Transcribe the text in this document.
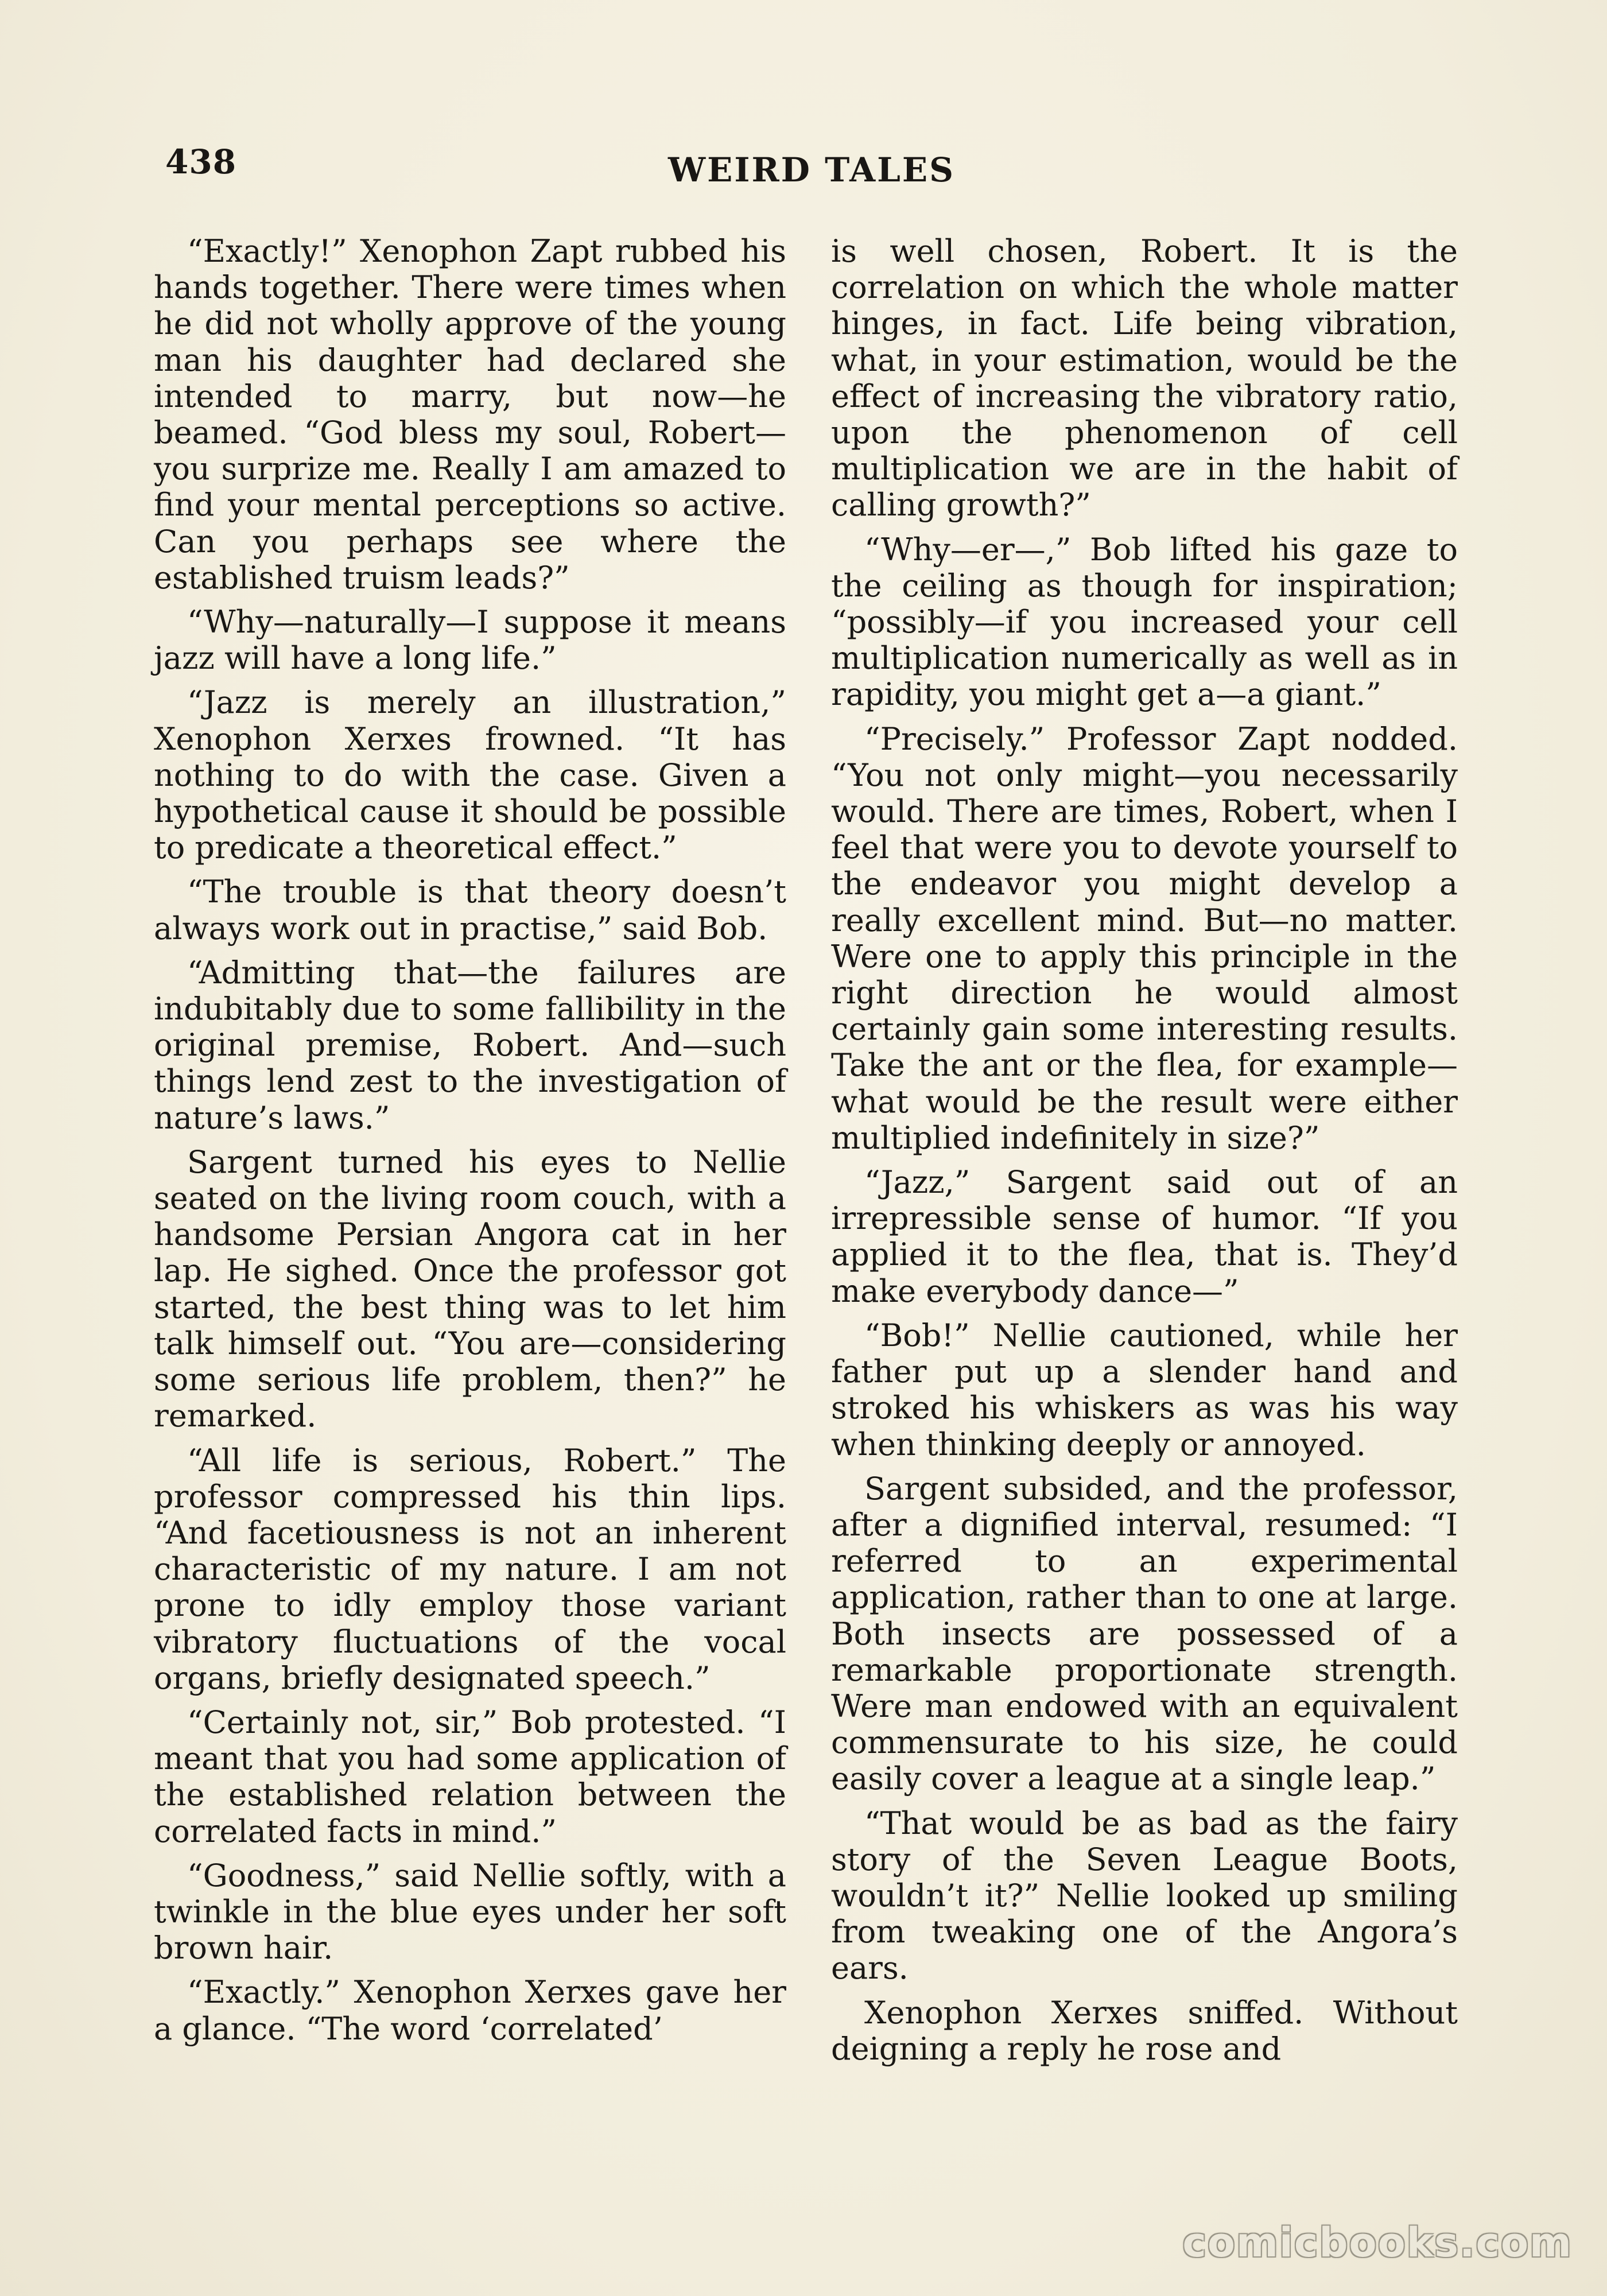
438	WEIRD TALES

“Exactly!” Xenophon Zapt rubbed his hands together. There were times when he did not wholly approve of the young man his daughter had declared she intended to marry, but now—he beamed. “God bless my soul, Robert—you surprize me. Really I am amazed to find your mental perceptions so active. Can you perhaps see where the established truism leads?”

“Why—naturally—I suppose it means jazz will have a long life.”

“Jazz is merely an illustration,” Xenophon Xerxes frowned. “It has nothing to do with the case. Given a hypothetical cause it should be possible to predicate a theoretical effect.”

“The trouble is that theory doesn’t always work out in practise,” said Bob.

“Admitting that—the failures are indubitably due to some fallibility in the original premise, Robert. And—such things lend zest to the investigation of nature’s laws.”

Sargent turned his eyes to Nellie seated on the living room couch, with a handsome Persian Angora cat in her lap. He sighed. Once the professor got started, the best thing was to let him talk himself out. “You are—considering some serious life problem, then?” he remarked.

“All life is serious, Robert.” The professor compressed his thin lips. “And facetiousness is not an inherent characteristic of my nature. I am not prone to idly employ those variant vibratory fluctuations of the vocal organs, briefly designated speech.”

“Certainly not, sir,” Bob protested. “I meant that you had some application of the established relation between the correlated facts in mind.”

“Goodness,” said Nellie softly, with a twinkle in the blue eyes under her soft brown hair.

“Exactly.” Xenophon Xerxes gave her a glance. “The word ‘correlated’

is well chosen, Robert. It is the correlation on which the whole matter hinges, in fact. Life being vibration, what, in your estimation, would be the effect of increasing the vibratory ratio, upon the phenomenon of cell multiplication we are in the habit of calling growth?”

“Why—er—,” Bob lifted his gaze to the ceiling as though for inspiration; “possibly—if you increased your cell multiplication numerically as well as in rapidity, you might get a—a giant.”

“Precisely.” Professor Zapt nodded. “You not only might—you necessarily would. There are times, Robert, when I feel that were you to devote yourself to the endeavor you might develop a really excellent mind. But—no matter. Were one to apply this principle in the right direction he would almost certainly gain some interesting results. Take the ant or the flea, for example—what would be the result were either multiplied indefinitely in size?”

“Jazz,” Sargent said out of an irrepressible sense of humor. “If you applied it to the flea, that is. They’d make everybody dance—”

“Bob!” Nellie cautioned, while her father put up a slender hand and stroked his whiskers as was his way when thinking deeply or annoyed.

Sargent subsided, and the professor, after a dignified interval, resumed: “I referred to an experimental application, rather than to one at large. Both insects are possessed of a remarkable proportionate strength. Were man endowed with an equivalent commensurate to his size, he could easily cover a league at a single leap.”

“That would be as bad as the fairy story of the Seven League Boots, wouldn’t it?” Nellie looked up smiling from tweaking one of the Angora’s ears.

Xenophon Xerxes sniffed. Without deigning a reply he rose and

comicbooks.com
